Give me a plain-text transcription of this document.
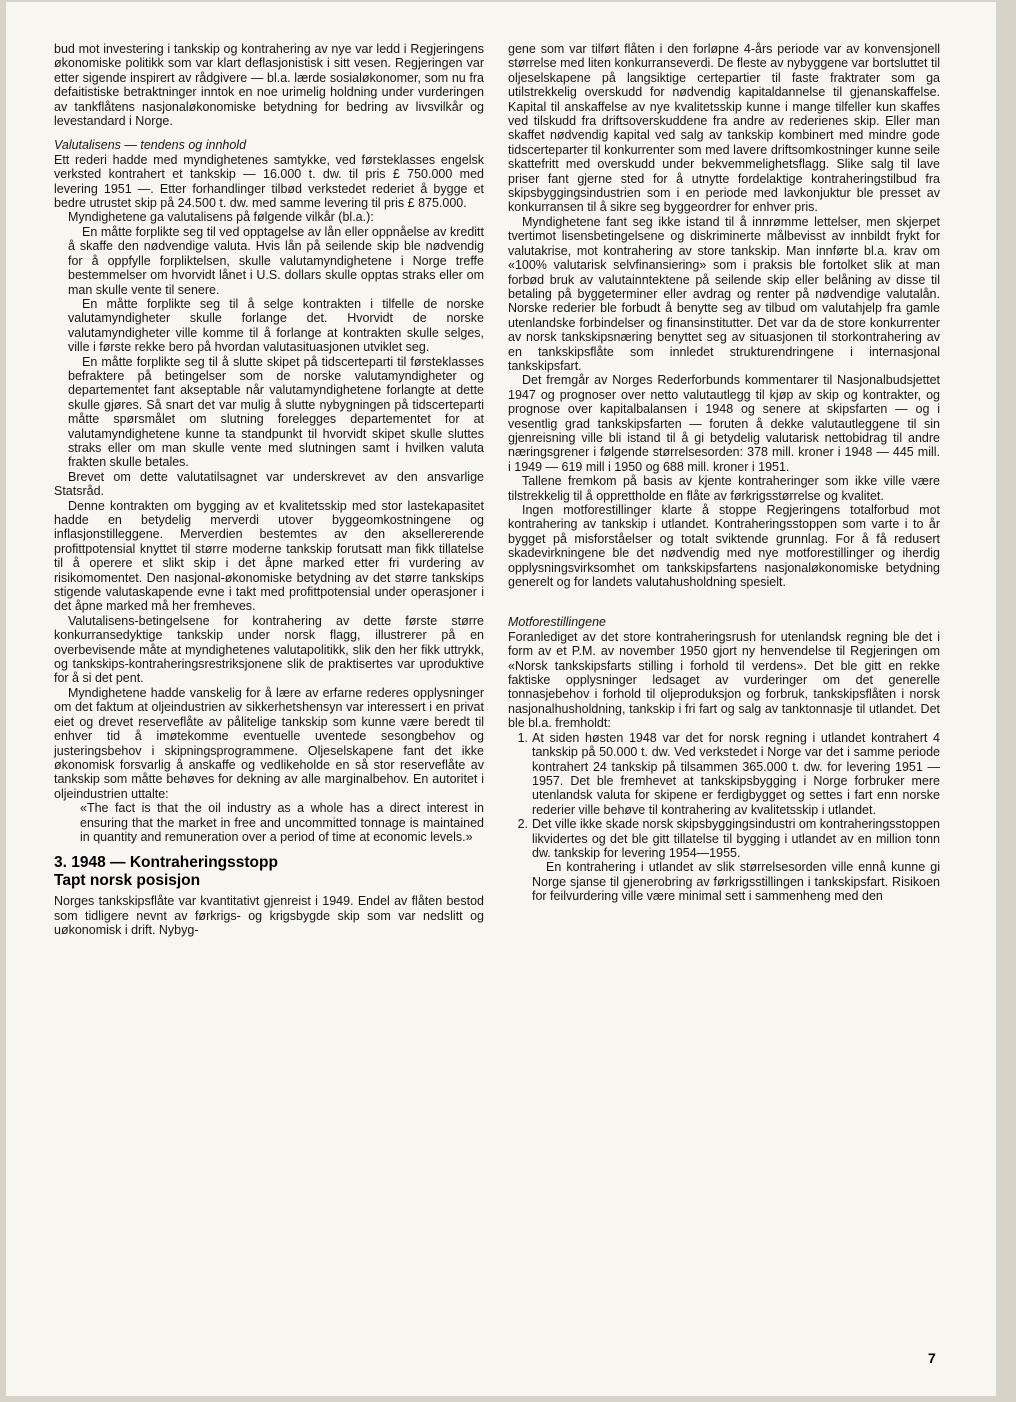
bud mot investering i tankskip og kontrahering av nye var ledd i Regjeringens økonomiske politikk som var klart deflasjonistisk i sitt vesen. Regjeringen var etter sigende inspirert av rådgivere — bl.a. lærde sosialøkonomer, som nu fra defaitistiske betraktninger inntok en noe urimelig holdning under vurderingen av tankflåtens nasjonaløkonomiske betydning for bedring av livsvilkår og levestandard i Norge.

Valutalisens — tendens og innhold

Ett rederi hadde med myndighetenes samtykke, ved førsteklasses engelsk verksted kontrahert et tankskip — 16.000 t. dw. til pris £ 750.000 med levering 1951 —. Etter forhandlinger tilbød verkstedet rederiet å bygge et bedre utrustet skip på 24.500 t. dw. med samme levering til pris £ 875.000.

Myndighetene ga valutalisens på følgende vilkår (bl.a.):

En måtte forplikte seg til ved opptagelse av lån eller oppnåelse av kreditt å skaffe den nødvendige valuta. Hvis lån på seilende skip ble nødvendig for å oppfylle forpliktelsen, skulle valutamyndighetene i Norge treffe bestemmelser om hvorvidt lånet i U.S. dollars skulle opptas straks eller om man skulle vente til senere.

En måtte forplikte seg til å selge kontrakten i tilfelle de norske valutamyndigheter skulle forlange det. Hvorvidt de norske valutamyndigheter ville komme til å forlange at kontrakten skulle selges, ville i første rekke bero på hvordan valutasituasjonen utviklet seg.

En måtte forplikte seg til å slutte skipet på tidscerteparti til førsteklasses befraktere på betingelser som de norske valutamyndigheter og departementet fant akseptable når valutamyndighetene forlangte at dette skulle gjøres. Så snart det var mulig å slutte nybygningen på tidscerteparti måtte spørsmålet om slutning forelegges departementet for at valutamyndighetene kunne ta standpunkt til hvorvidt skipet skulle sluttes straks eller om man skulle vente med slutningen samt i hvilken valuta frakten skulle betales.

Brevet om dette valutatilsagnet var underskrevet av den ansvarlige Statsråd.

Denne kontrakten om bygging av et kvalitetsskip med stor lastekapasitet hadde en betydelig merverdi utover byggeomkostningene og inflasjonstilleggene. Merverdien bestemtes av den aksellererende profittpotensial knyttet til større moderne tankskip forutsatt man fikk tillatelse til å operere et slikt skip i det åpne marked etter fri vurdering av risikomomentet. Den nasjonal-økonomiske betydning av det større tankskips stigende valutaskapende evne i takt med profittpotensial under operasjoner i det åpne marked må her fremheves.

Valutalisens-betingelsene for kontrahering av dette første større konkurransedyktige tankskip under norsk flagg, illustrerer på en overbevisende måte at myndighetenes valutapolitikk, slik den her fikk uttrykk, og tankskips-kontraheringsrestriksjonene slik de praktisertes var uproduktive for å si det pent.

Myndighetene hadde vanskelig for å lære av erfarne rederes opplysninger om det faktum at oljeindustrien av sikkerhetshensyn var interessert i en privat eiet og drevet reserveflåte av pålitelige tankskip som kunne være beredt til enhver tid å imøtekomme eventuelle uventede sesongbehov og justeringsbehov i skipningsprogrammene. Oljeselskapene fant det ikke økonomisk forsvarlig å anskaffe og vedlikeholde en så stor reserveflåte av tankskip som måtte behøves for dekning av alle marginalbehov. En autoritet i oljeindustrien uttalte:

«The fact is that the oil industry as a whole has a direct interest in ensuring that the market in free and uncommitted tonnage is maintained in quantity and remuneration over a period of time at economic levels.»

3. 1948 — Kontraheringsstopp
Tapt norsk posisjon

Norges tankskipsflåte var kvantitativt gjenreist i 1949. Endel av flåten bestod som tidligere nevnt av førkrigs- og krigsbygde skip som var nedslitt og uøkonomisk i drift. Nybyg-

gene som var tilført flåten i den forløpne 4-års periode var av konvensjonell størrelse med liten konkurranseverdi. De fleste av nybyggene var bortsluttet til oljeselskapene på langsiktige certepartier til faste fraktrater som ga utilstrekkelig overskudd for nødvendig kapitaldannelse til gjenanskaffelse. Kapital til anskaffelse av nye kvalitetsskip kunne i mange tilfeller kun skaffes ved tilskudd fra driftsoverskuddene fra andre av rederienes skip. Eller man skaffet nødvendig kapital ved salg av tankskip kombinert med mindre gode tidscerteparter til konkurrenter som med lavere driftsomkostninger kunne seile skattefritt med overskudd under bekvemmelighetsflagg. Slike salg til lave priser fant gjerne sted for å utnytte fordelaktige kontraheringstilbud fra skipsbyggingsindustrien som i en periode med lavkonjuktur ble presset av konkurransen til å sikre seg byggeordrer for enhver pris.

Myndighetene fant seg ikke istand til å innrømme lettelser, men skjerpet tvertimot lisensbetingelsene og diskriminerte målbevisst av innbildt frykt for valutakrise, mot kontrahering av store tankskip. Man innførte bl.a. krav om «100% valutarisk selvfinansiering» som i praksis ble fortolket slik at man forbød bruk av valutainntektene på seilende skip eller belåning av disse til betaling på byggeterminer eller avdrag og renter på nødvendige valutalån. Norske rederier ble forbudt å benytte seg av tilbud om valutahjelp fra gamle utenlandske forbindelser og finansinstitutter. Det var da de store konkurrenter av norsk tankskipsnæring benyttet seg av situasjonen til storkontrahering av en tankskipsflåte som innledet strukturendringene i internasjonal tankskipsfart.

Det fremgår av Norges Rederforbunds kommentarer til Nasjonalbudsjettet 1947 og prognoser over netto valutautlegg til kjøp av skip og kontrakter, og prognose over kapitalbalansen i 1948 og senere at skipsfarten — og i vesentlig grad tankskipsfarten — foruten å dekke valutautleggene til sin gjenreisning ville bli istand til å gi betydelig valutarisk nettobidrag til andre næringsgrener i følgende størrelsesorden: 378 mill. kroner i 1948 — 445 mill. i 1949 — 619 mill i 1950 og 688 mill. kroner i 1951.

Tallene fremkom på basis av kjente kontraheringer som ikke ville være tilstrekkelig til å opprettholde en flåte av førkrigsstørrelse og kvalitet.

Ingen motforestillinger klarte å stoppe Regjeringens totalforbud mot kontrahering av tankskip i utlandet. Kontraheringsstoppen som varte i to år bygget på misforståelser og totalt sviktende grunnlag. For å få redusert skadevirkningene ble det nødvendig med nye motforestillinger og iherdig opplysningsvirksomhet om tankskipsfartens nasjonaløkonomiske betydning generelt og for landets valutahusholdning spesielt.

Motforestillingene

Foranlediget av det store kontraheringsrush for utenlandsk regning ble det i form av et P.M. av november 1950 gjort ny henvendelse til Regjeringen om «Norsk tankskipsfarts stilling i forhold til verdens». Det ble gitt en rekke faktiske opplysninger ledsaget av vurderinger om det generelle tonnasjebehov i forhold til oljeproduksjon og forbruk, tankskipsflåten i norsk nasjonalhusholdning, tankskip i fri fart og salg av tanktonnasje til utlandet. Det ble bl.a. fremholdt:

1. At siden høsten 1948 var det for norsk regning i utlandet kontrahert 4 tankskip på 50.000 t. dw. Ved verkstedet i Norge var det i samme periode kontrahert 24 tankskip på tilsammen 365.000 t. dw. for levering 1951 —1957. Det ble fremhevet at tankskipsbygging i Norge forbruker mere utenlandsk valuta for skipene er ferdigbygget og settes i fart enn norske rederier ville behøve til kontrahering av kvalitetsskip i utlandet.
2. Det ville ikke skade norsk skipsbyggingsindustri om kontraheringsstoppen likvidertes og det ble gitt tillatelse til bygging i utlandet av en million tonn dw. tankskip for levering 1954—1955.
En kontrahering i utlandet av slik størrelsesorden ville ennå kunne gi Norge sjanse til gjenerobring av førkrigsstillingen i tankskipsfart. Risikoen for feilvurdering ville være minimal sett i sammenheng med den
7
